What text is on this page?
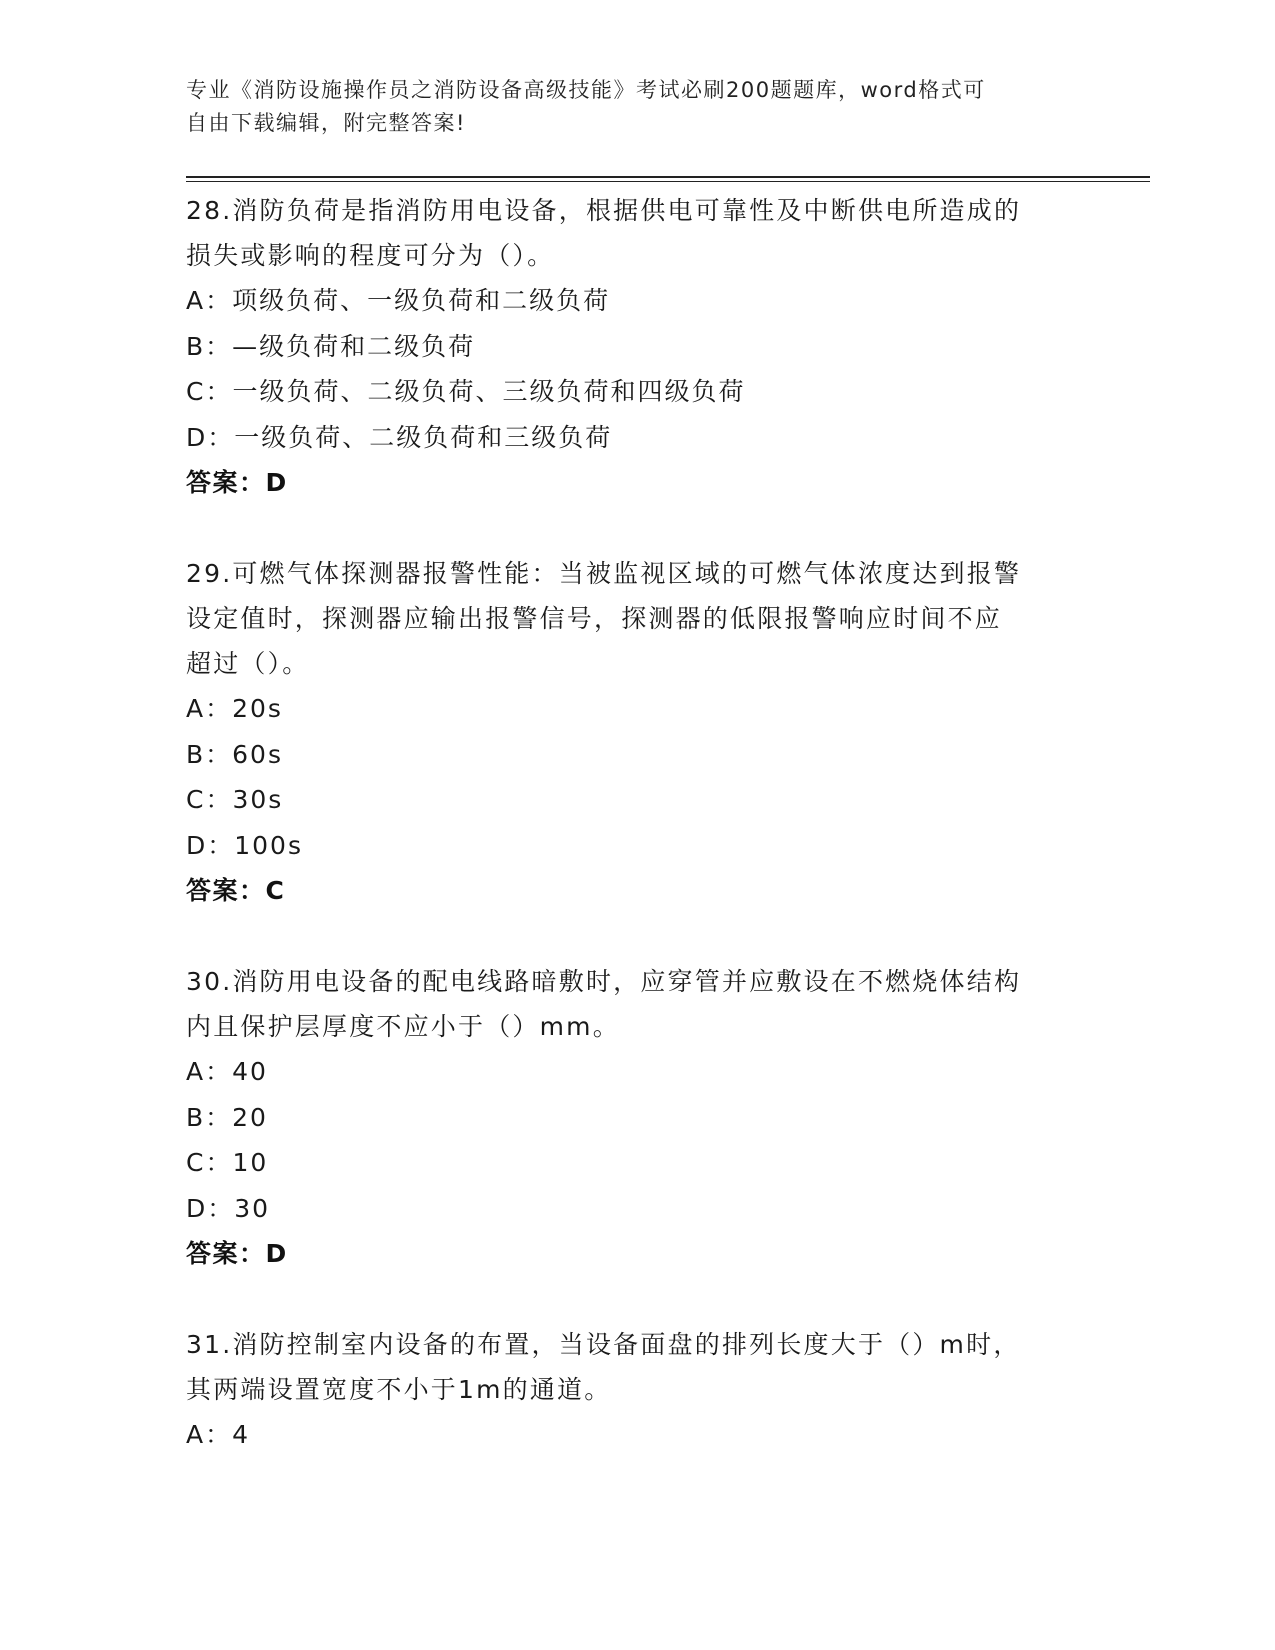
专业《消防设施操作员之消防设备高级技能》考试必刷200题题库，word格式可
自由下载编辑，附完整答案!

28.消防负荷是指消防用电设备，根据供电可靠性及中断供电所造成的
损失或影响的程度可分为（）。

A：项级负荷、一级负荷和二级负荷

B：—级负荷和二级负荷

C：一级负荷、二级负荷、三级负荷和四级负荷

D：一级负荷、二级负荷和三级负荷

答案：D

29.可燃气体探测器报警性能：当被监视区域的可燃气体浓度达到报警
设定值时，探测器应输出报警信号，探测器的低限报警响应时间不应
超过（）。

A：20s

B：60s

C：30s

D：100s

答案：C

30.消防用电设备的配电线路暗敷时，应穿管并应敷设在不燃烧体结构
内且保护层厚度不应小于（）mm。

A：40

B：20

C：10

D：30

答案：D

31.消防控制室内设备的布置，当设备面盘的排列长度大于（）m时，
其两端设置宽度不小于1m的通道。

A：4
